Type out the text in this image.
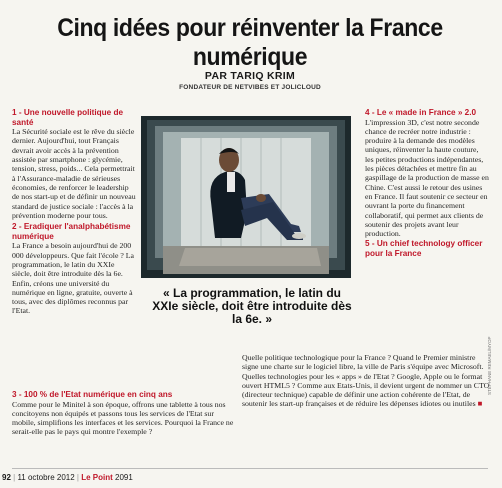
Cinq idées pour réinventer la France numérique
PAR TARIQ KRIM
FONDATEUR DE NETVIBES ET JOLICLOUD
1 - Une nouvelle politique de santé
La Sécurité sociale est le rêve du siècle dernier. Aujourd'hui, tout Français devrait avoir accès à la prévention assistée par smartphone : glycémie, tension, stress, poids... Cela permettrait à l'Assurance-maladie de sérieuses économies, de renforcer le leadership de nos start-up et de définir un nouveau standard de justice sociale : l'accès à la prévention moderne pour tous.
2 - Eradiquer l'analphabétisme numérique
La France a besoin aujourd'hui de 200 000 développeurs. Que fait l'école ? La programmation, le latin du XXIe siècle, doit être introduite dès la 6e. Enfin, créons une université du numérique en ligne, gratuite, ouverte à tous, avec des diplômes reconnus par l'Etat.
« La programmation, le latin du XXIe siècle, doit être introduite dès la 6e. »
4 - Le « made in France » 2.0
L'impression 3D, c'est notre seconde chance de recréer notre industrie : produire à la demande des modèles uniques, réinventer la haute couture, les petites productions indépendantes, les pièces détachées et mettre fin au gaspillage de la production de masse en Chine. C'est aussi le retour des usines en France. Il faut soutenir ce secteur en ouvrant la porte du financement collaboratif, qui permet aux clients de soutenir des projets avant leur production.
5 - Un chief technology officer pour la France
3 - 100 % de l'Etat numérique en cinq ans
Comme pour le Minitel à son époque, offrons une tablette à tous nos concitoyens non équipés et passons tous les services de l'Etat sur mobile, simplifions les interfaces et les services. Pourquoi la France ne serait-elle pas le pays qui montre l'exemple ?
Quelle politique technologique pour la France ? Quand le Premier ministre signe une charte sur le logiciel libre, la ville de Paris s'équipe avec Microsoft. Quelles technologies pour les « apps » de l'Etat ? Google, Apple ou le format ouvert HTML5 ? Comme aux Etats-Unis, il devient urgent de nommer un CTO (directeur technique) capable de définir une action cohérente de l'Etat, de soutenir les start-up françaises et de réduire les dépenses idiotes ou inutiles ■
STÉPHANE REMAEL/MYOP
92 | 11 octobre 2012 | Le Point 2091
